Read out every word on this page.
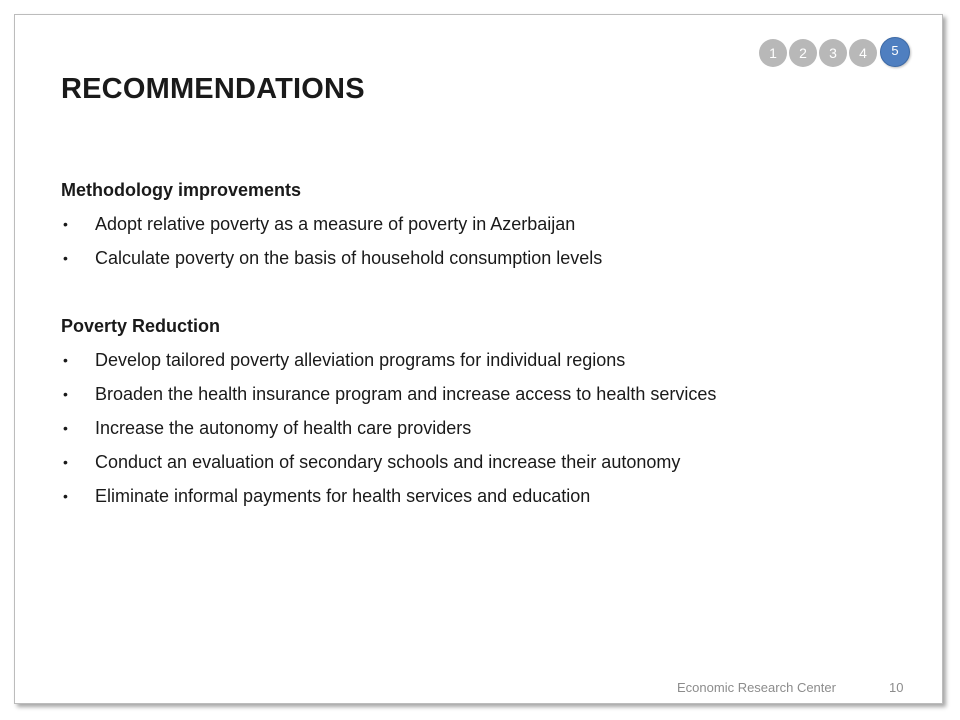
1	2	3	4	5
RECOMMENDATIONS

Methodology improvements

• Adopt relative poverty as a measure of poverty in Azerbaijan
• Calculate poverty on the basis of household consumption levels

Poverty Reduction

• Develop tailored poverty alleviation programs for individual regions
• Broaden the health insurance program and increase access to health services
• Increase the autonomy of health care providers
• Conduct an evaluation of secondary schools and increase their autonomy
• Eliminate informal payments for health services and education
Economic Research Center	10
